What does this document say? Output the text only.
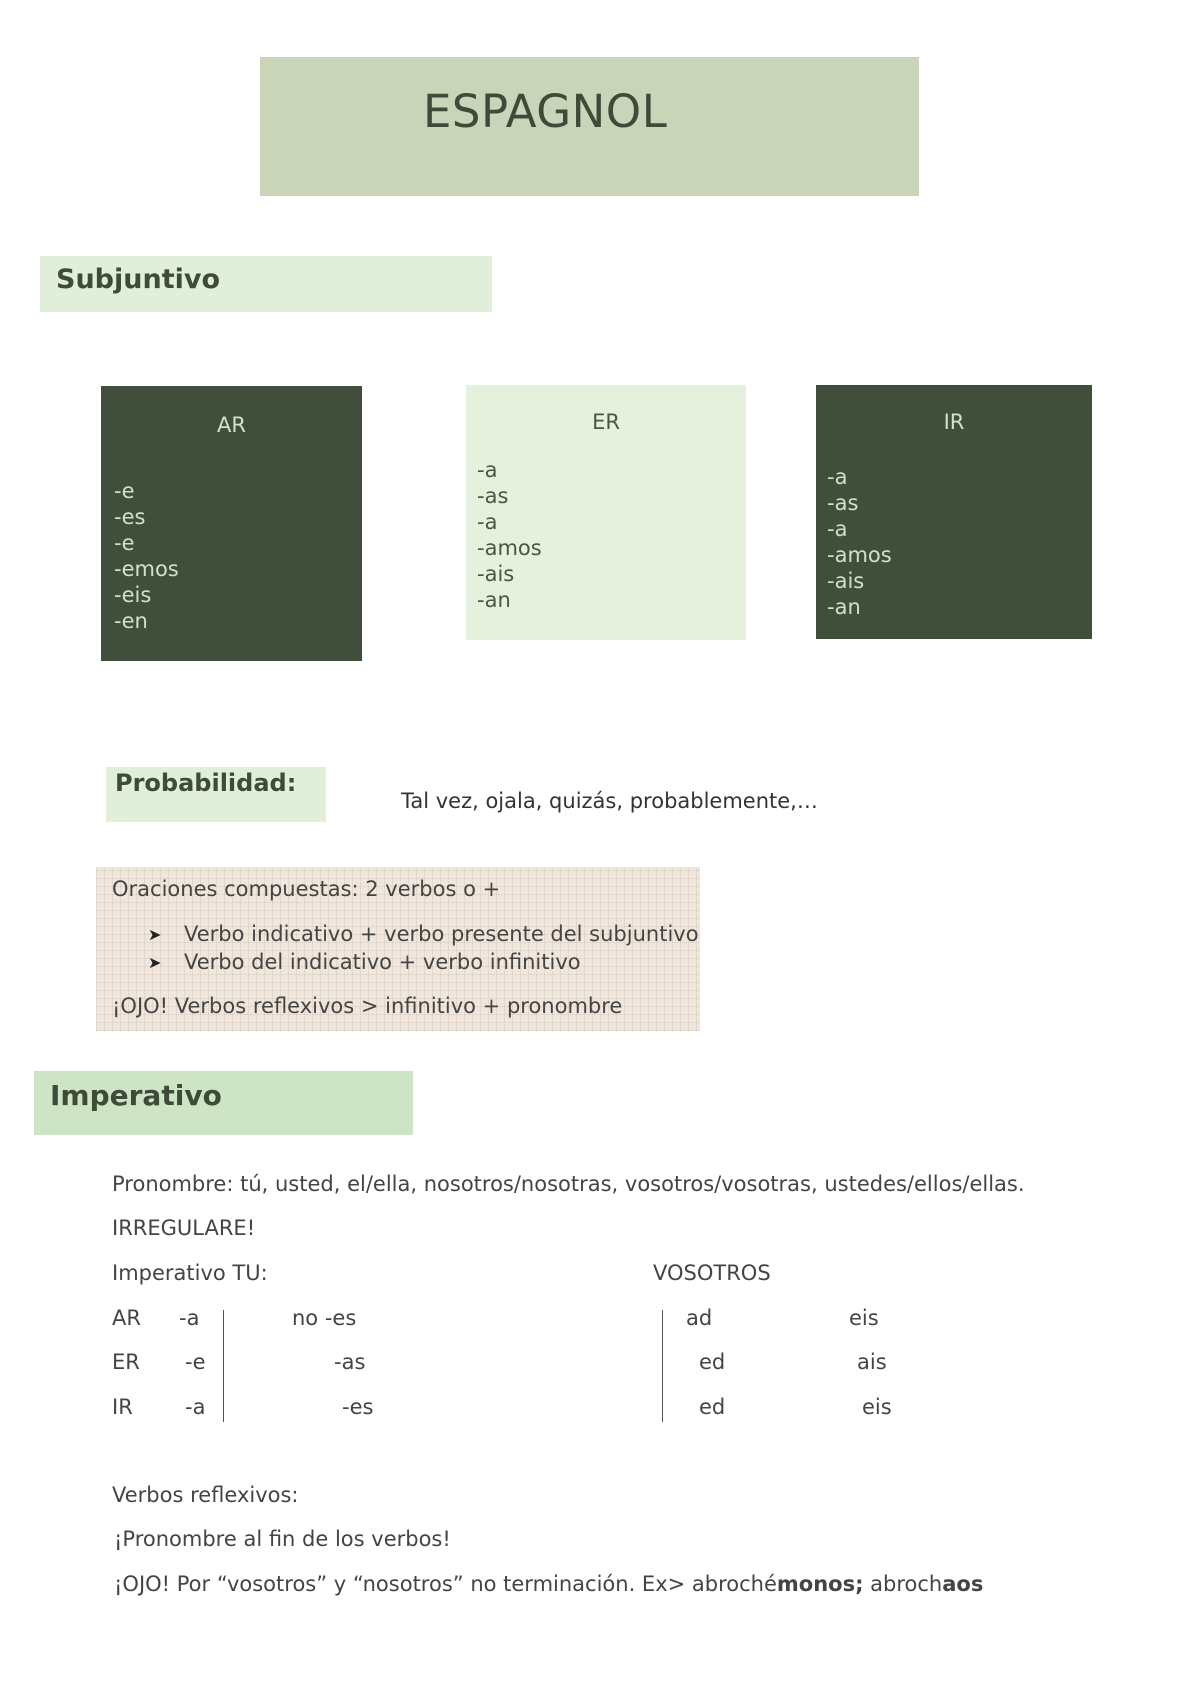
ESPAGNOL
Subjuntivo
AR
-e
-es
-e
-emos
-eis
-en
ER
-a
-as
-a
-amos
-ais
-an
IR
-a
-as
-a
-amos
-ais
-an
Probabilidad:
Tal vez, ojala, quizás, probablemente,…
Oraciones compuestas: 2 verbos o +
➤ Verbo indicativo + verbo presente del subjuntivo
➤ Verbo del indicativo + verbo infinitivo
¡OJO! Verbos reflexivos > infinitivo + pronombre
Imperativo
Pronombre: tú, usted, el/ella, nosotros/nosotras, vosotros/vosotras, ustedes/ellos/ellas.
IRREGULARE!
Imperativo TU:	VOSOTROS
AR -a	no -es	ad	eis
ER -e	-as	ed	ais
IR -a	-es	ed	eis
Verbos reflexivos:
¡Pronombre al fin de los verbos!
¡OJO! Por “vosotros” y “nosotros” no terminación. Ex> abrochémonos; abrochaos
